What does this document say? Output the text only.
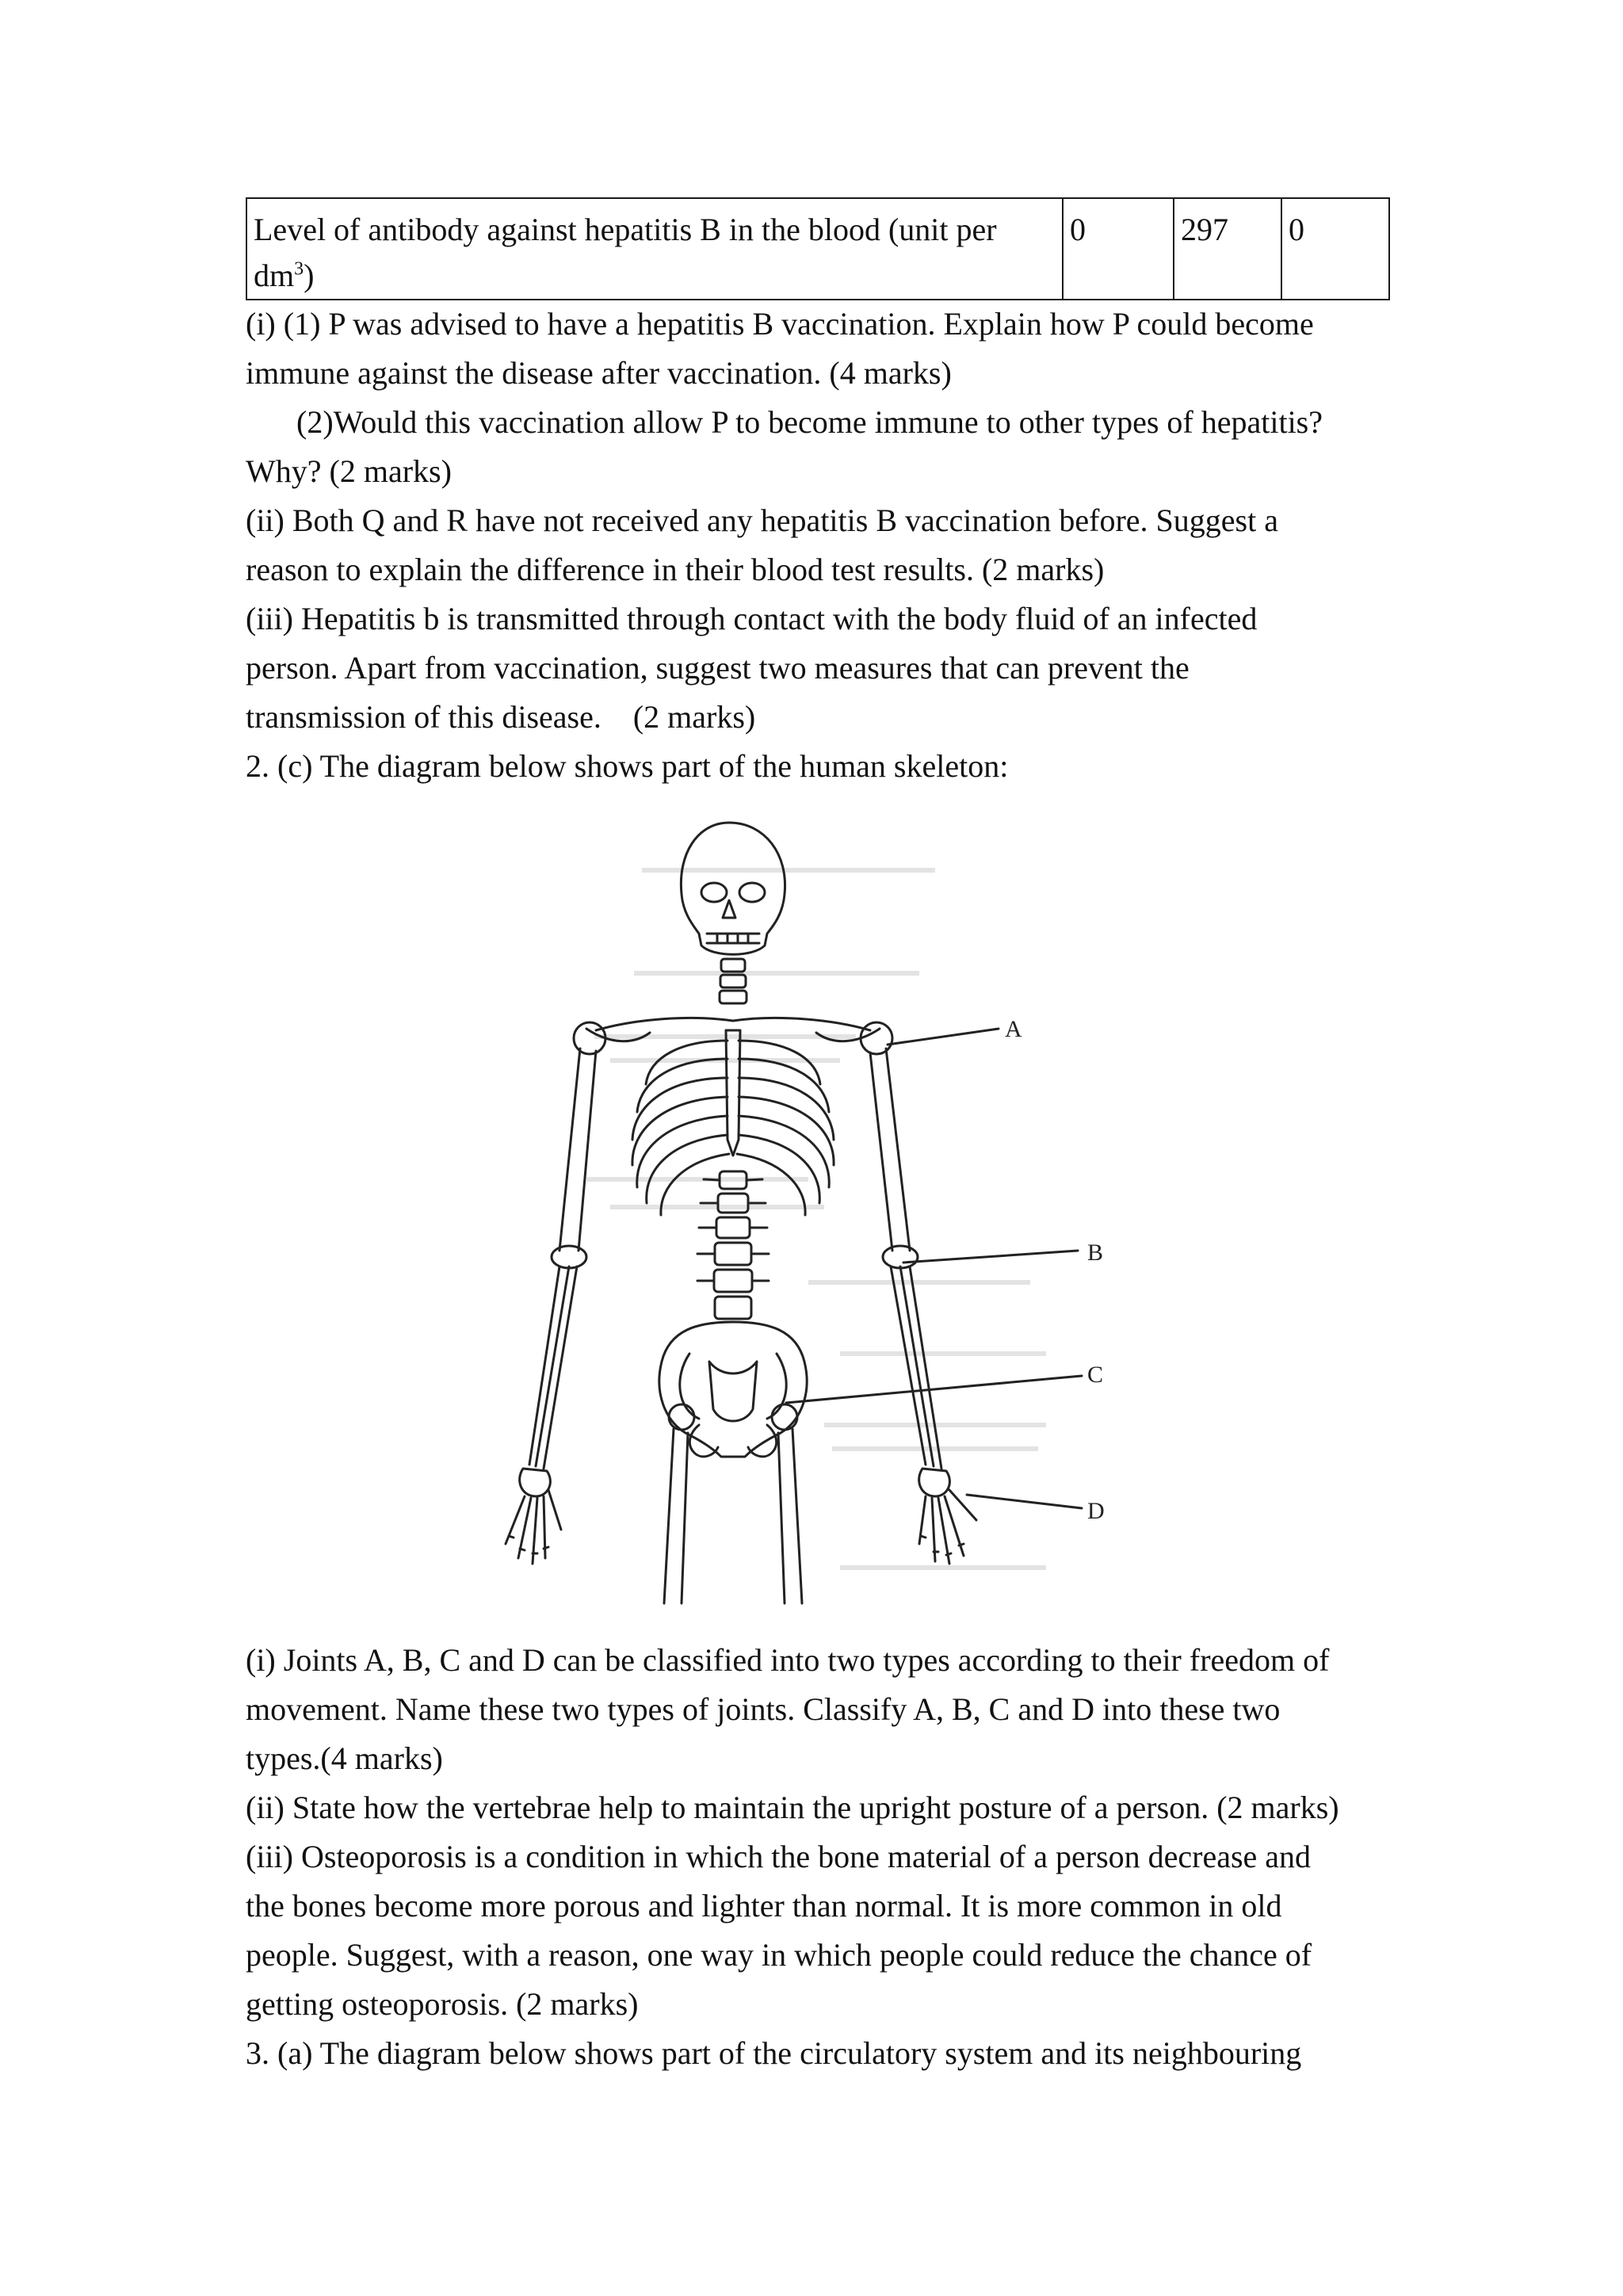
Level of antibody against hepatitis B in the blood (unit per $dm^3$)	0	297	0

(i) (1) P was advised to have a hepatitis B vaccination. Explain how P could become

immune against the disease after vaccination. (4 marks)

(2)Would this vaccination allow P to become immune to other types of hepatitis?

Why? (2 marks)

(ii) Both Q and R have not received any hepatitis B vaccination before. Suggest a

reason to explain the difference in their blood test results. (2 marks)

(iii) Hepatitis b is transmitted through contact with the body fluid of an infected

person. Apart from vaccination, suggest two measures that can prevent the

transmission of this disease.    (2 marks)

2. (c) The diagram below shows part of the human skeleton:

A
B
C
D

(i) Joints A, B, C and D can be classified into two types according to their freedom of

movement. Name these two types of joints. Classify A, B, C and D into these two

types.(4 marks)

(ii) State how the vertebrae help to maintain the upright posture of a person. (2 marks)

(iii) Osteoporosis is a condition in which the bone material of a person decrease and

the bones become more porous and lighter than normal. It is more common in old

people. Suggest, with a reason, one way in which people could reduce the chance of

getting osteoporosis. (2 marks)

3. (a) The diagram below shows part of the circulatory system and its neighbouring
